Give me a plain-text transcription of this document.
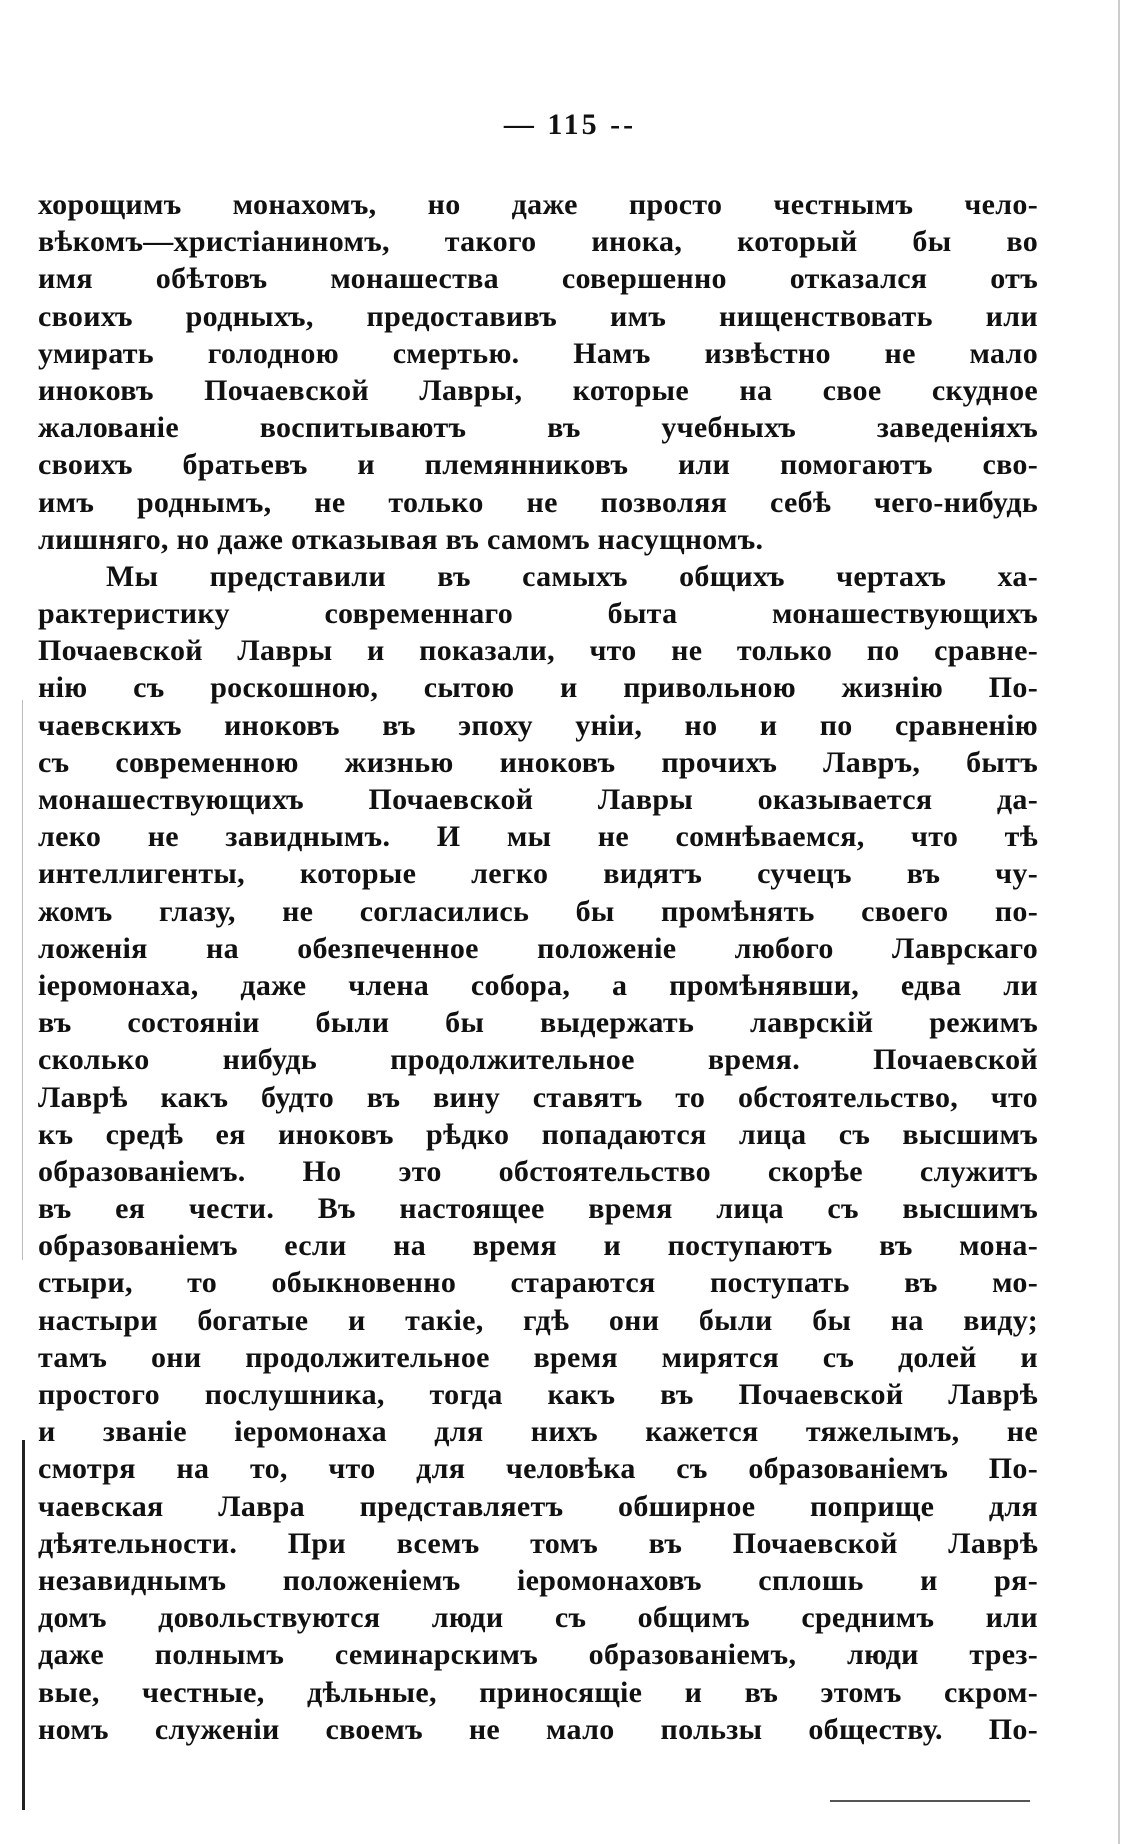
— 115 --
хорощимъ монахомъ, но даже просто честнымъ чело-
вѣкомъ—христіаниномъ, такого инока, который бы во
имя обѣтовъ монашества совершенно отказался отъ
своихъ родныхъ, предоставивъ имъ нищенствовать или
умирать голодною смертью. Намъ извѣстно не мало
иноковъ Почаевской Лавры, которые на свое скудное
жалованіе воспитываютъ въ учебныхъ заведеніяхъ
своихъ братьевъ и племянниковъ или помогаютъ сво-
имъ роднымъ, не только не позволяя себѣ чего-нибудь
лишняго, но даже отказывая въ самомъ насущномъ.
Мы представили въ самыхъ общихъ чертахъ ха-
рактеристику современнаго быта монашествующихъ
Почаевской Лавры и показали, что не только по сравне-
нію съ роскошною, сытою и привольною жизнію По-
чаевскихъ иноковъ въ эпоху уніи, но и по сравненію
съ современною жизнью иноковъ прочихъ Лавръ, бытъ
монашествующихъ Почаевской Лавры оказывается да-
леко не завиднымъ. И мы не сомнѣваемся, что тѣ
интеллигенты, которые легко видятъ сучецъ въ чу-
жомъ глазу, не согласились бы промѣнять своего по-
ложенія на обезпеченное положеніе любого Лаврскаго
іеромонаха, даже члена собора, а промѣнявши, едва ли
въ состояніи были бы выдержать лаврскій режимъ
сколько нибудь продолжительное время. Почаевской
Лаврѣ какъ будто въ вину ставятъ то обстоятельство, что
къ средѣ ея иноковъ рѣдко попадаются лица съ высшимъ
образованіемъ. Но это обстоятельство скорѣе служитъ
въ ея чести. Въ настоящее время лица съ высшимъ
образованіемъ если на время и поступаютъ въ мона-
стыри, то обыкновенно стараются поступать въ мо-
настыри богатые и такіе, гдѣ они были бы на виду;
тамъ они продолжительное время мирятся съ долей и
простого послушника, тогда какъ въ Почаевской Лаврѣ
и званіе іеромонаха для нихъ кажется тяжелымъ, не
смотря на то, что для человѣка съ образованіемъ По-
чаевская Лавра представляетъ обширное поприще для
дѣятельности. При всемъ томъ въ Почаевской Лаврѣ
незавиднымъ положеніемъ іеромонаховъ сплошь и ря-
домъ довольствуются люди съ общимъ среднимъ или
даже полнымъ семинарскимъ образованіемъ, люди трез-
вые, честные, дѣльные, приносящіе и въ этомъ скром-
номъ служеніи своемъ не мало пользы обществу. По-
